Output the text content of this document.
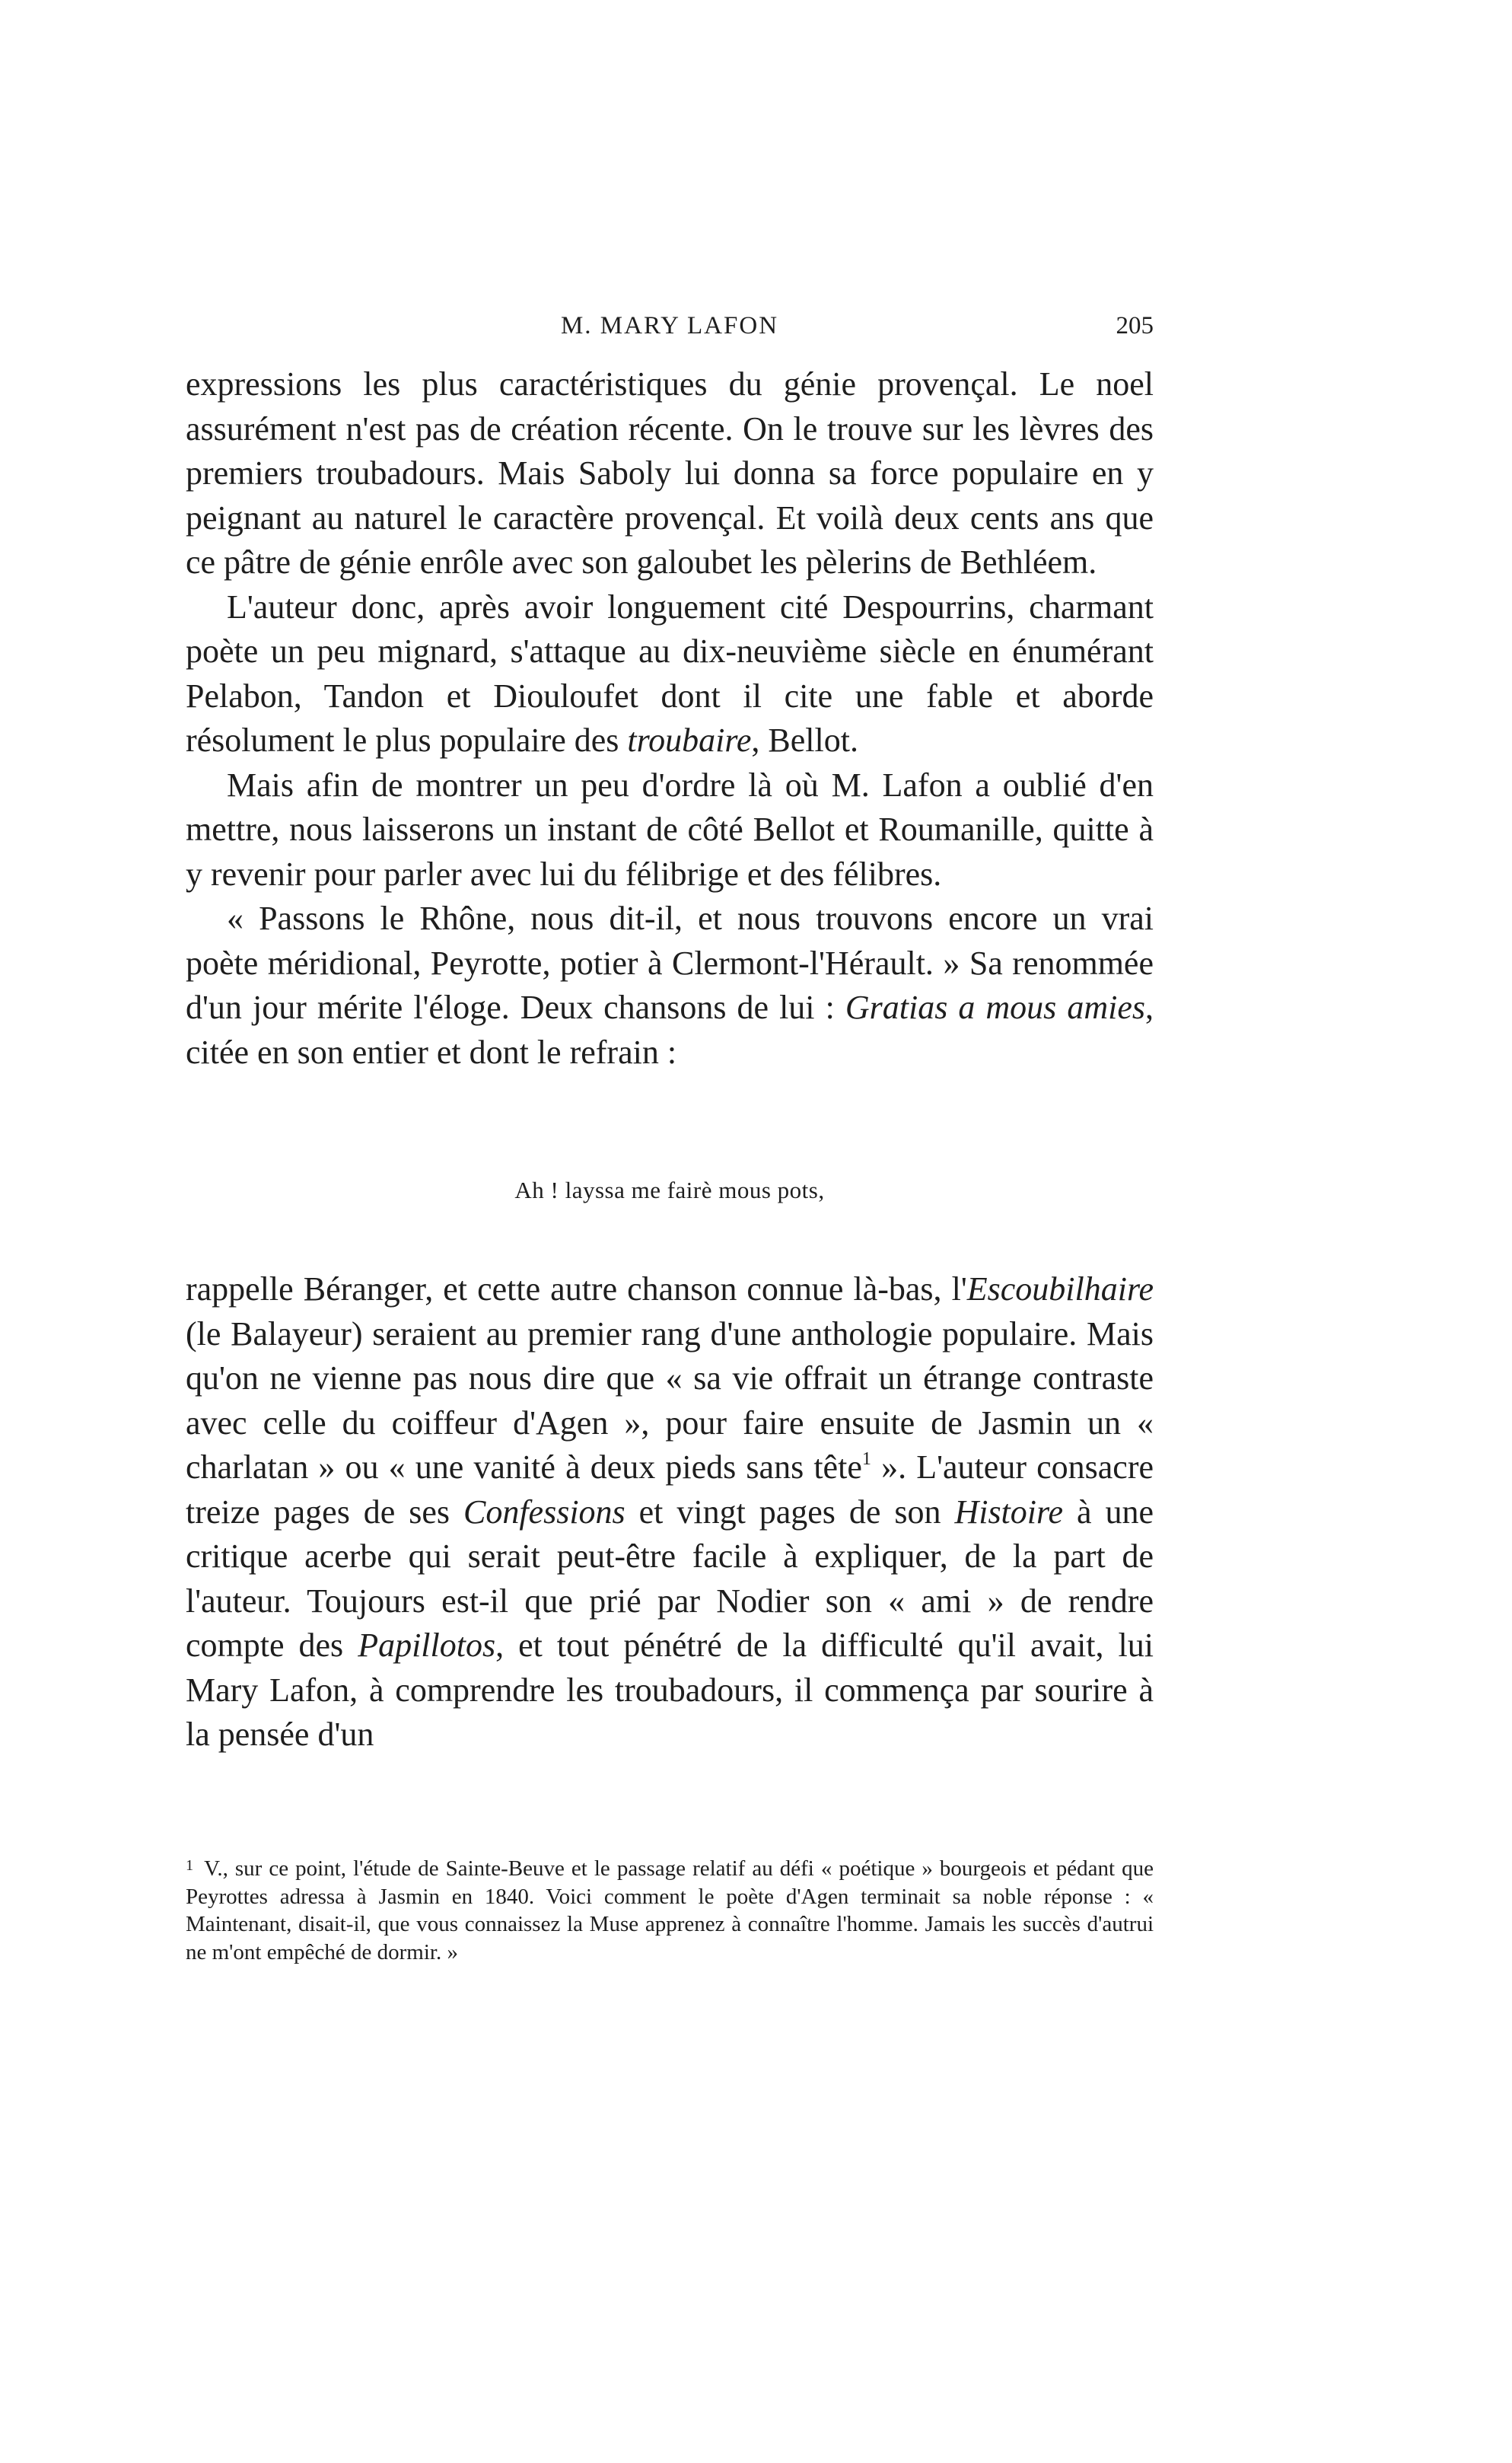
M. MARY LAFON	205

expressions les plus caractéristiques du génie provençal. Le noel assurément n'est pas de création récente. On le trouve sur les lèvres des premiers troubadours. Mais Saboly lui donna sa force populaire en y peignant au naturel le caractère provençal. Et voilà deux cents ans que ce pâtre de génie enrôle avec son galoubet les pèlerins de Bethléem.

L'auteur donc, après avoir longuement cité Despourrins, charmant poète un peu mignard, s'attaque au dix-neuvième siècle en énumérant Pelabon, Tandon et Diouloufet dont il cite une fable et aborde résolument le plus populaire des troubaire, Bellot.

Mais afin de montrer un peu d'ordre là où M. Lafon a oublié d'en mettre, nous laisserons un instant de côté Bellot et Roumanille, quitte à y revenir pour parler avec lui du félibrige et des félibres.

« Passons le Rhône, nous dit-il, et nous trouvons encore un vrai poète méridional, Peyrotte, potier à Clermont-l'Hérault. » Sa renommée d'un jour mérite l'éloge. Deux chansons de lui : Gratias a mous amies, citée en son entier et dont le refrain :

Ah ! layssa me fairè mous pots,

rappelle Béranger, et cette autre chanson connue là-bas, l'Escoubilhaire (le Balayeur) seraient au premier rang d'une anthologie populaire. Mais qu'on ne vienne pas nous dire que « sa vie offrait un étrange contraste avec celle du coiffeur d'Agen », pour faire ensuite de Jasmin un « charlatan » ou « une vanité à deux pieds sans tête$^1$ ». L'auteur consacre treize pages de ses Confessions et vingt pages de son Histoire à une critique acerbe qui serait peut-être facile à expliquer, de la part de l'auteur. Toujours est-il que prié par Nodier son « ami » de rendre compte des Papillotos, et tout pénétré de la difficulté qu'il avait, lui Mary Lafon, à comprendre les troubadours, il commença par sourire à la pensée d'un

$^1$ V., sur ce point, l'étude de Sainte-Beuve et le passage relatif au défi « poétique » bourgeois et pédant que Peyrottes adressa à Jasmin en 1840. Voici comment le poète d'Agen terminait sa noble réponse : « Maintenant, disait-il, que vous connaissez la Muse apprenez à connaître l'homme. Jamais les succès d'autrui ne m'ont empêché de dormir. »
